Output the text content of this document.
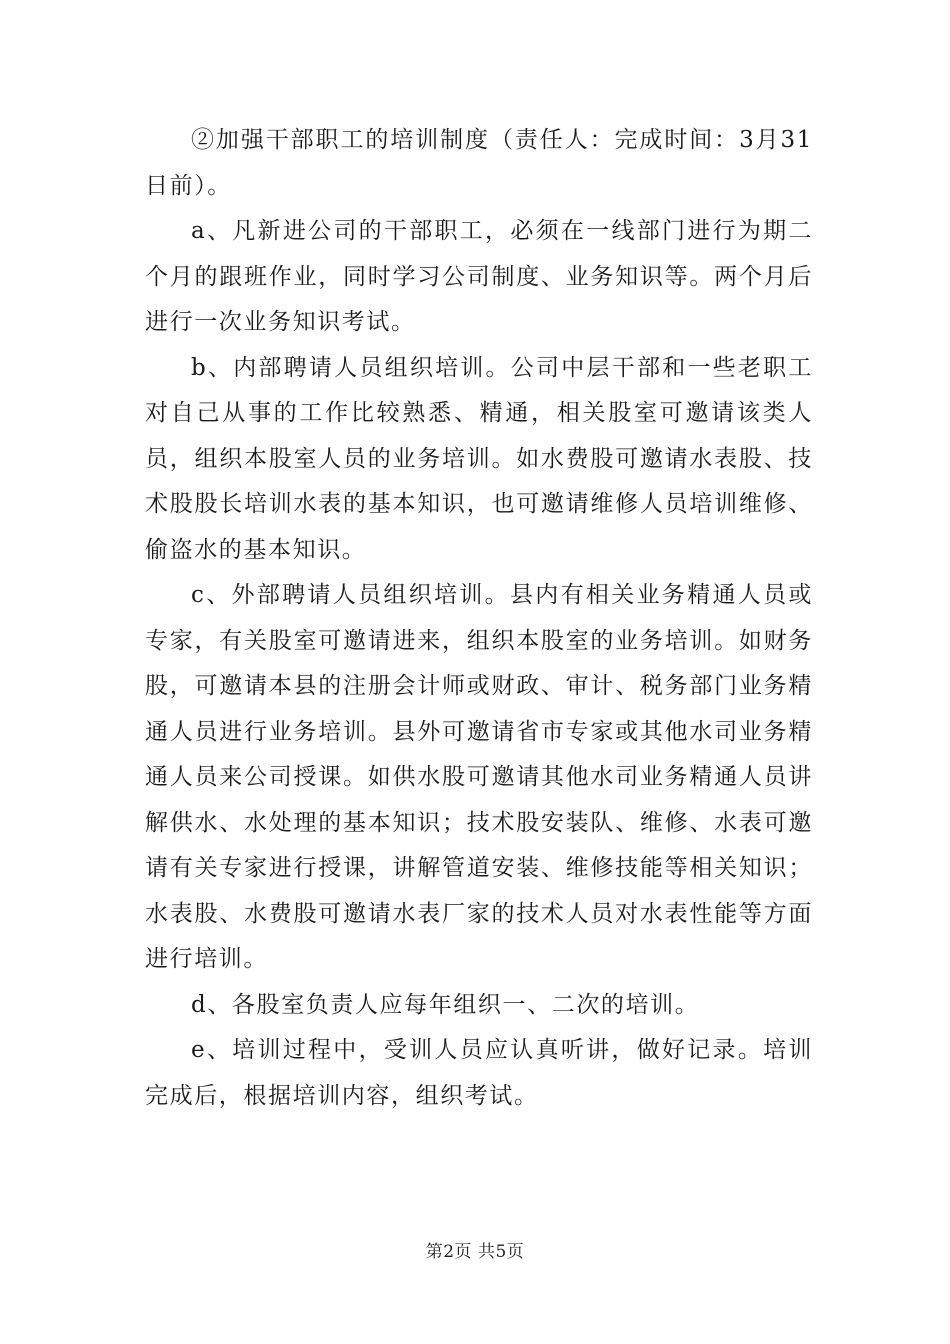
②加强干部职工的培训制度（责任人：完成时间：3月31日前）。

a、凡新进公司的干部职工，必须在一线部门进行为期二个月的跟班作业，同时学习公司制度、业务知识等。两个月后进行一次业务知识考试。

b、内部聘请人员组织培训。公司中层干部和一些老职工对自己从事的工作比较熟悉、精通，相关股室可邀请该类人员，组织本股室人员的业务培训。如水费股可邀请水表股、技术股股长培训水表的基本知识，也可邀请维修人员培训维修、偷盗水的基本知识。

c、外部聘请人员组织培训。县内有相关业务精通人员或专家，有关股室可邀请进来，组织本股室的业务培训。如财务股，可邀请本县的注册会计师或财政、审计、税务部门业务精通人员进行业务培训。县外可邀请省市专家或其他水司业务精通人员来公司授课。如供水股可邀请其他水司业务精通人员讲解供水、水处理的基本知识；技术股安装队、维修、水表可邀请有关专家进行授课，讲解管道安装、维修技能等相关知识；水表股、水费股可邀请水表厂家的技术人员对水表性能等方面进行培训。

d、各股室负责人应每年组织一、二次的培训。

e、培训过程中，受训人员应认真听讲，做好记录。培训完成后，根据培训内容，组织考试。

第2页 共5页
